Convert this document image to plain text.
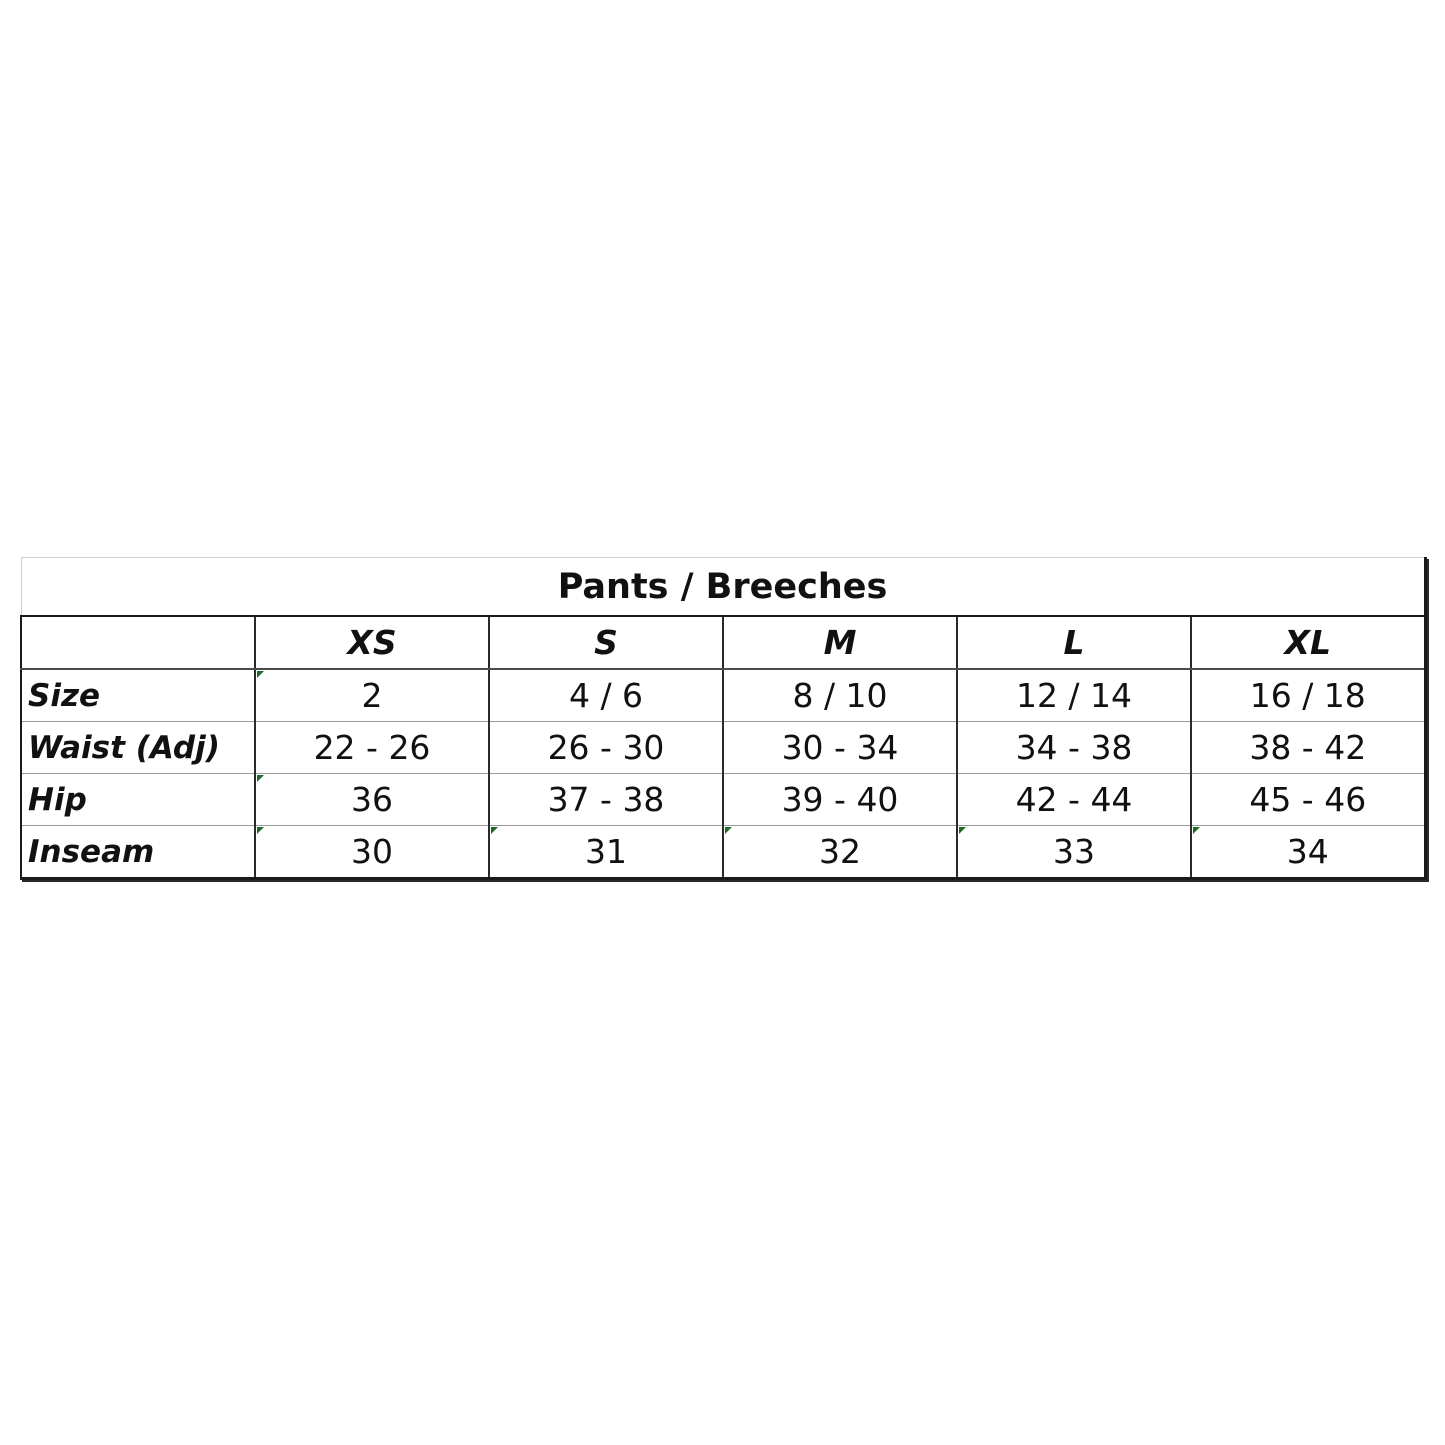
Pants / Breeches					
	XS	S	M	L	XL
Size	2	4 / 6	8 / 10	12 / 14	16 / 18
Waist (Adj)	22 - 26	26 - 30	30 - 34	34 - 38	38 - 42
Hip	36	37 - 38	39 - 40	42 - 44	45 - 46
Inseam	30	31	32	33	34
